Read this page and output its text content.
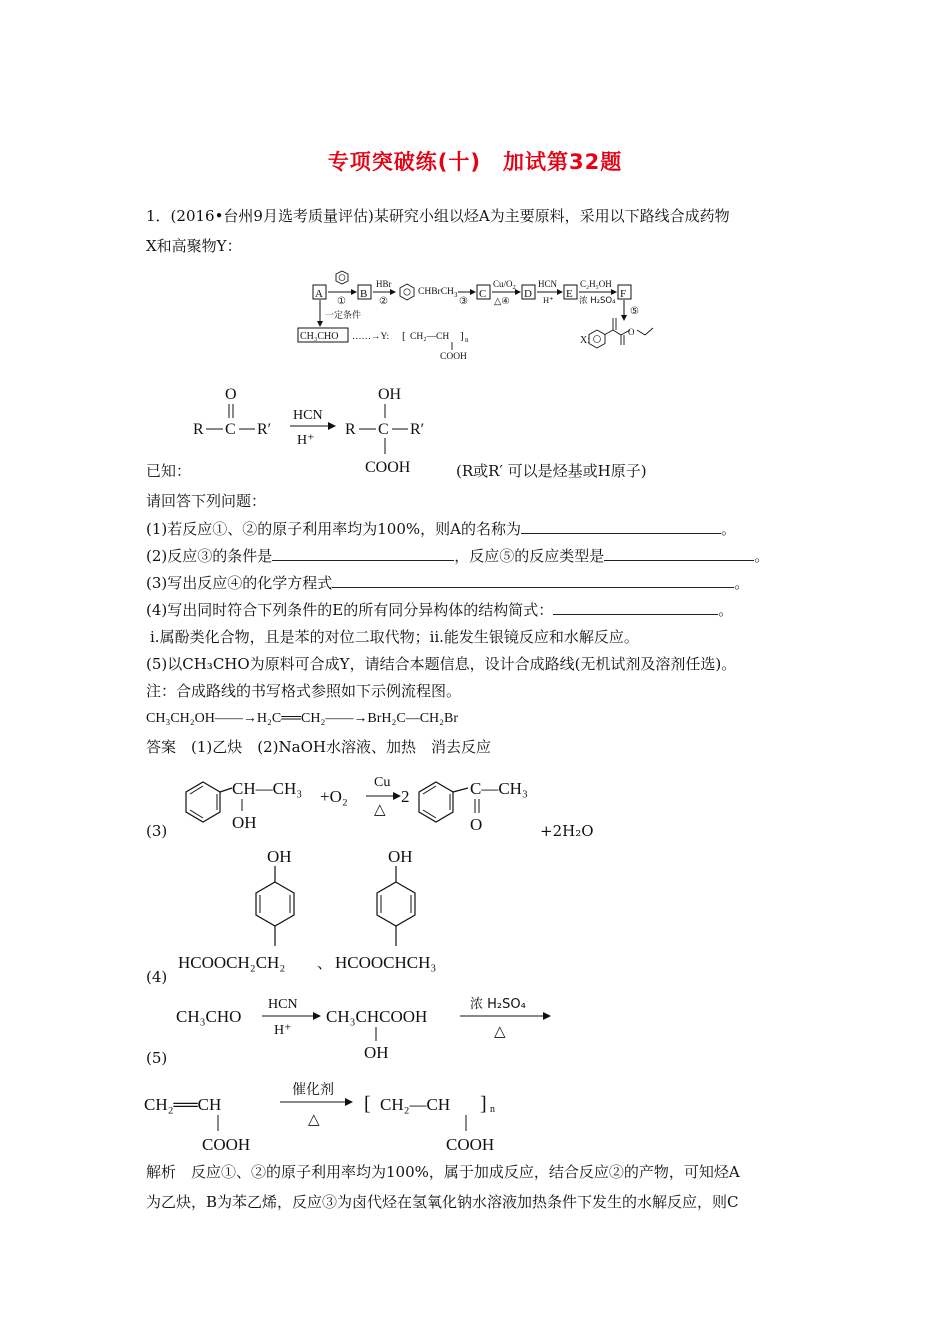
专项突破练(十)　加试第32题
1．(2016•台州9月选考质量评估)某研究小组以烃A为主要原料，采用以下路线合成药物
X和高聚物Y：
A
①
B
HBr
②
CHBrCH$_3$
③
C
$Cu/O_2$
△④
D
HCN
H⁺ E
C₂H₅OH
浓 H₂SO₄
F
⑤
一定条件
CH₃CHO ……→Y: [ CH₂—CH ] n
COOH
X:
O
O
R C R′
HCN
H⁺
OH
R C R′
COOH
已知：	(R或R′ 可以是烃基或H原子)
请回答下列问题：
(1)若反应①、②的原子利用率均为100%，则A的名称为	。
(2)反应③的条件是	，反应⑤的反应类型是	。
(3)写出反应④的化学方程式	。
(4)写出同时符合下列条件的E的所有同分异构体的结构简式：	。
ⅰ.属酚类化合物，且是苯的对位二取代物；ⅱ.能发生银镜反应和水解反应。
(5)以CH₃CHO为原料可合成Y，请结合本题信息，设计合成路线(无机试剂及溶剂任选)。
注：合成路线的书写格式参照如下示例流程图。
CH₃CH₂OH——→H₂C══CH₂——→BrH₂C—CH₂Br
答案　(1)乙炔　(2)NaOH水溶液、加热　消去反应
(3)
CH—CH₃
OH
+O₂
Cu
△
2	C—CH₃
O	+2H₂O
(4)
OH
HCOOCH₂CH₂ 、
OH
HCOOCHCH₃
(5)
CH₃CHO
HCN
H⁺
CH₃CHCOOH
OH
浓 H₂SO₄
△
CH₂══CH
COOH
催化剂
△
[ CH₂—CH ] n
COOH
解析　反应①、②的原子利用率均为100%，属于加成反应，结合反应②的产物，可知烃A
为乙炔，B为苯乙烯，反应③为卤代烃在氢氧化钠水溶液加热条件下发生的水解反应，则C
